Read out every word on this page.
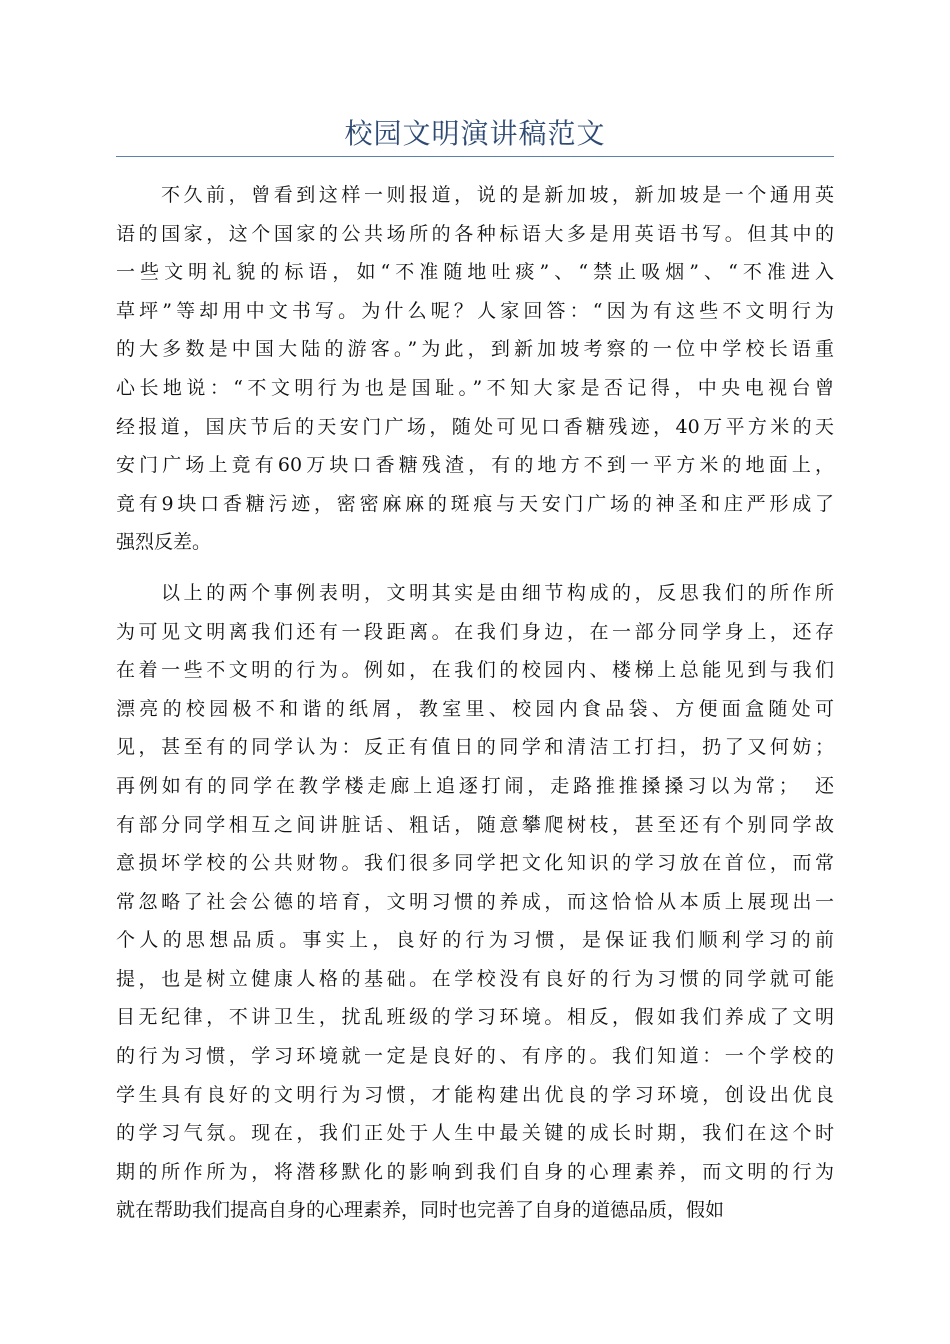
校园文明演讲稿范文
不久前，曾看到这样一则报道，说的是新加坡，新加坡是一个通用英
语的国家，这个国家的公共场所的各种标语大多是用英语书写。但其中的
一些文明礼貌的标语，如“不准随地吐痰”、“禁止吸烟”、“不准进入
草坪”等却用中文书写。为什么呢？人家回答：“因为有这些不文明行为
的大多数是中国大陆的游客。”为此，到新加坡考察的一位中学校长语重
心长地说：“不文明行为也是国耻。”不知大家是否记得，中央电视台曾
经报道，国庆节后的天安门广场，随处可见口香糖残迹，40万平方米的天
安门广场上竟有60万块口香糖残渣，有的地方不到一平方米的地面上，
竟有9块口香糖污迹，密密麻麻的斑痕与天安门广场的神圣和庄严形成了
强烈反差。
以上的两个事例表明，文明其实是由细节构成的，反思我们的所作所
为可见文明离我们还有一段距离。在我们身边，在一部分同学身上，还存
在着一些不文明的行为。例如，在我们的校园内、楼梯上总能见到与我们
漂亮的校园极不和谐的纸屑，教室里、校园内食品袋、方便面盒随处可
见，甚至有的同学认为：反正有值日的同学和清洁工打扫，扔了又何妨；
再例如有的同学在教学楼走廊上追逐打闹，走路推推搡搡习以为常；　还
有部分同学相互之间讲脏话、粗话，随意攀爬树枝，甚至还有个别同学故
意损坏学校的公共财物。我们很多同学把文化知识的学习放在首位，而常
常忽略了社会公德的培育，文明习惯的养成，而这恰恰从本质上展现出一
个人的思想品质。事实上，良好的行为习惯，是保证我们顺利学习的前
提，也是树立健康人格的基础。在学校没有良好的行为习惯的同学就可能
目无纪律，不讲卫生，扰乱班级的学习环境。相反，假如我们养成了文明
的行为习惯，学习环境就一定是良好的、有序的。我们知道：一个学校的
学生具有良好的文明行为习惯，才能构建出优良的学习环境，创设出优良
的学习气氛。现在，我们正处于人生中最关键的成长时期，我们在这个时
期的所作所为，将潜移默化的影响到我们自身的心理素养，而文明的行为
就在帮助我们提高自身的心理素养，同时也完善了自身的道德品质，假如
